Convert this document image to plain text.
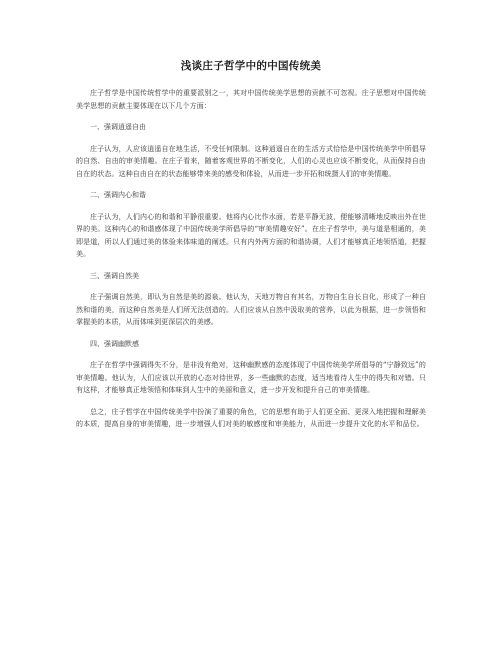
浅谈庄子哲学中的中国传统美

庄子哲学是中国传统哲学中的重要派别之一，其对中国传统美学思想的贡献不可忽视。庄子思想对中国传统美学思想的贡献主要体现在以下几个方面：

一、强调逍遥自由

庄子认为，人应该逍遥自在地生活，不受任何限制。这种逍遥自在的生活方式恰恰是中国传统美学中所倡导的自然、自由的审美情趣。在庄子看来，随着客观世界的不断变化，人们的心灵也应该不断变化，从而保持自由自在的状态。这种自由自在的状态能够带来美的感受和体验，从而进一步开拓和统摄人们的审美情趣。

二、强调内心和谐

庄子认为，人们内心的和谐和平静很重要。他将内心比作水面，若是平静无波，便能够清晰地反映出外在世界的美。这种内心的和谐感体现了中国传统美学所倡导的“审美情趣安好”。在庄子哲学中，美与道是相通的，美即是道，所以人们通过美的体验来体味道的阐述。只有内外两方面的和谐协调，人们才能够真正地领悟道，把握美。

三、强调自然美

庄子强调自然美，即认为自然是美的源泉。他认为，天地万物自有其名，万物自生自长自化，形成了一种自然和谐的美，而这种自然美是人们所无法创造的。人们应该从自然中汲取美的营养，以此为根据，进一步领悟和掌握美的本质，从而体味到更深层次的美感。

四、强调幽默感

庄子在哲学中强调得失不分，是非没有绝对，这种幽默感的态度体现了中国传统美学所倡导的“宁静致远”的审美情趣。他认为，人们应该以开放的心态对待世界，多一些幽默的态度，适当地看待人生中的得失和对错。只有这样，才能够真正地领悟和体味到人生中的美丽和意义，进一步开发和提升自己的审美情趣。

总之，庄子哲学在中国传统美学中扮演了重要的角色，它的思想有助于人们更全面、更深入地把握和理解美的本质，提高自身的审美情趣，进一步增强人们对美的敏感度和审美能力，从而进一步提升文化的水平和品位。
